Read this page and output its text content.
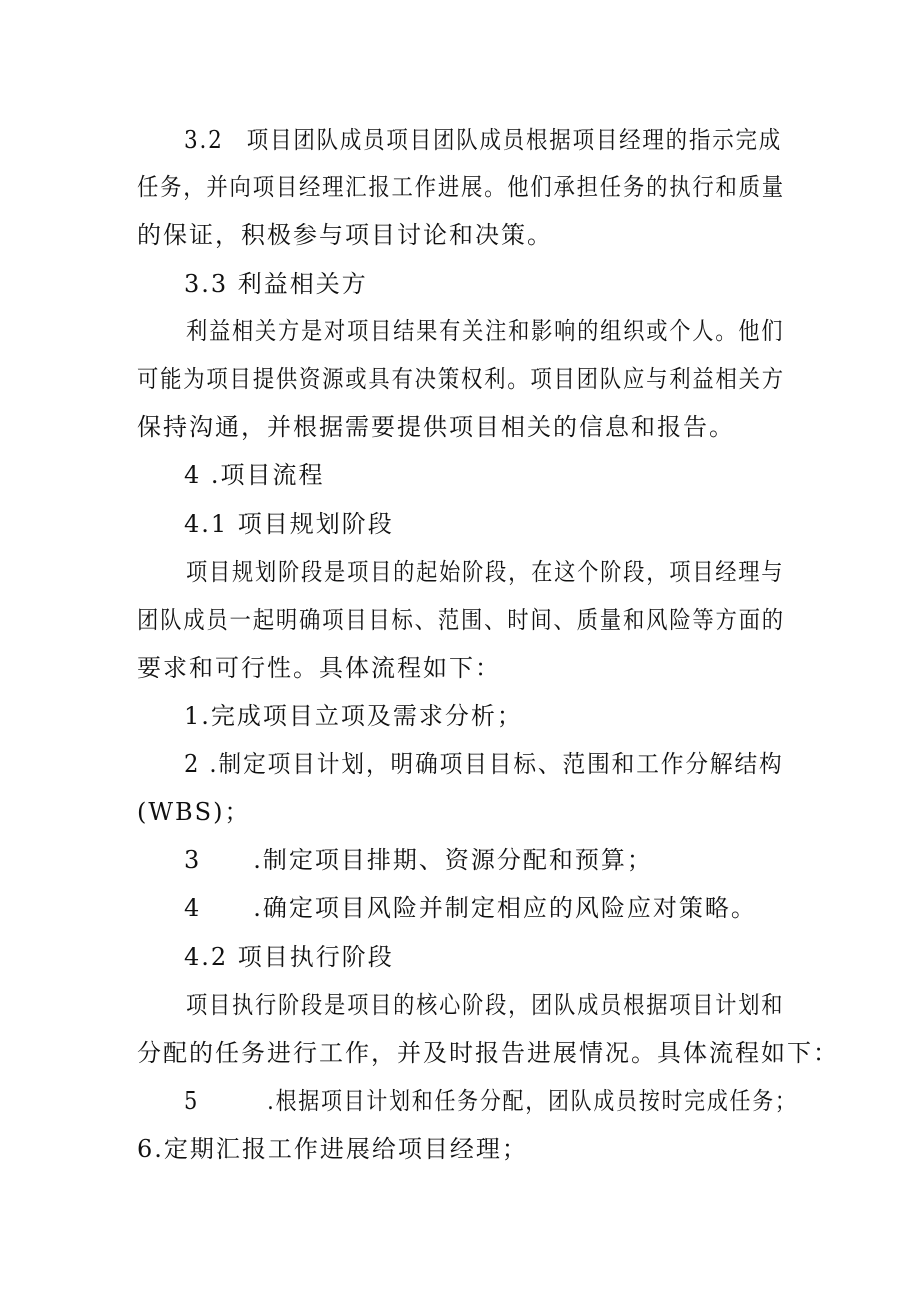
3.2　项目团队成员项目团队成员根据项目经理的指示完成
任务，并向项目经理汇报工作进展。他们承担任务的执行和质量
的保证，积极参与项目讨论和决策。
3.3 利益相关方
利益相关方是对项目结果有关注和影响的组织或个人。他们
可能为项目提供资源或具有决策权利。项目团队应与利益相关方
保持沟通，并根据需要提供项目相关的信息和报告。
4 .项目流程
4.1 项目规划阶段
项目规划阶段是项目的起始阶段，在这个阶段，项目经理与
团队成员一起明确项目目标、范围、时间、质量和风险等方面的
要求和可行性。具体流程如下：
1.完成项目立项及需求分析；
2 .制定项目计划，明确项目目标、范围和工作分解结构
(WBS)；
3　　.制定项目排期、资源分配和预算；
4　　.确定项目风险并制定相应的风险应对策略。
4.2 项目执行阶段
项目执行阶段是项目的核心阶段，团队成员根据项目计划和
分配的任务进行工作，并及时报告进展情况。具体流程如下：
5　　　.根据项目计划和任务分配，团队成员按时完成任务；
6.定期汇报工作进展给项目经理；
